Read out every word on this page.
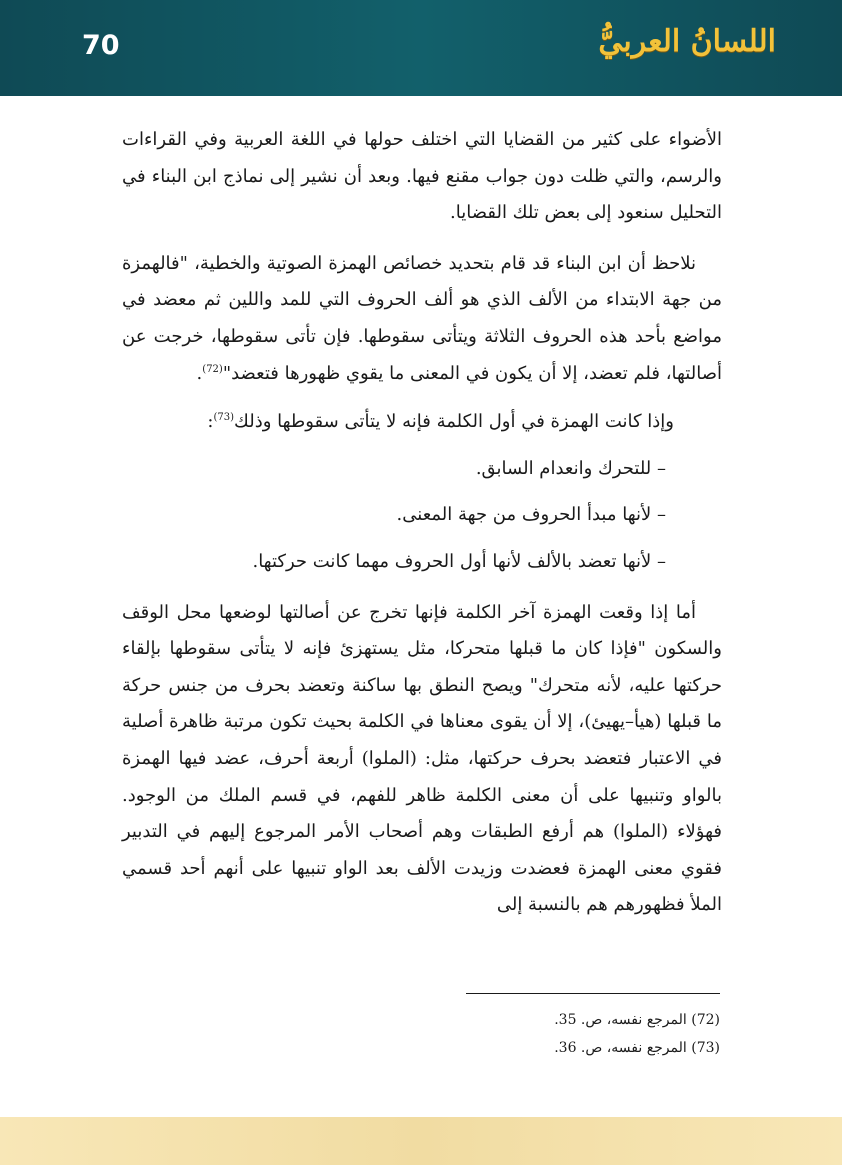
70	اللسانُ العربيُّ

الأضواء على كثير من القضايا التي اختلف حولها في اللغة العربية وفي القراءات والرسم، والتي ظلت دون جواب مقنع فيها. وبعد أن نشير إلى نماذج ابن البناء في التحليل سنعود إلى بعض تلك القضايا.

نلاحظ أن ابن البناء قد قام بتحديد خصائص الهمزة الصوتية والخطية، "فالهمزة من جهة الابتداء من الألف الذي هو ألف الحروف التي للمد واللين ثم معضد في مواضع بأحد هذه الحروف الثلاثة ويتأتى سقوطها. فإن تأتى سقوطها، خرجت عن أصالتها، فلم تعضد، إلا أن يكون في المعنى ما يقوي ظهورها فتعضد"$^{(72)}$.

وإذا كانت الهمزة في أول الكلمة فإنه لا يتأتى سقوطها وذلك$^{(73)}$:

– للتحرك وانعدام السابق.

– لأنها مبدأ الحروف من جهة المعنى.

– لأنها تعضد بالألف لأنها أول الحروف مهما كانت حركتها.

أما إذا وقعت الهمزة آخر الكلمة فإنها تخرج عن أصالتها لوضعها محل الوقف والسكون "فإذا كان ما قبلها متحركا، مثل يستهزئ فإنه لا يتأتى سقوطها بإلقاء حركتها عليه، لأنه متحرك" ويصح النطق بها ساكنة وتعضد بحرف من جنس حركة ما قبلها (هيأ–يهيئ)، إلا أن يقوى معناها في الكلمة بحيث تكون مرتبة ظاهرة أصلية في الاعتبار فتعضد بحرف حركتها، مثل: (الملوا) أربعة أحرف، عضد فيها الهمزة بالواو وتنبيها على أن معنى الكلمة ظاهر للفهم، في قسم الملك من الوجود. فهؤلاء (الملوا) هم أرفع الطبقات وهم أصحاب الأمر المرجوع إليهم في التدبير فقوي معنى الهمزة فعضدت وزيدت الألف بعد الواو تنبيها على أنهم أحد قسمي الملأ فظهورهم هم بالنسبة إلى

(72) المرجع نفسه، ص. 35.
(73) المرجع نفسه، ص. 36.
